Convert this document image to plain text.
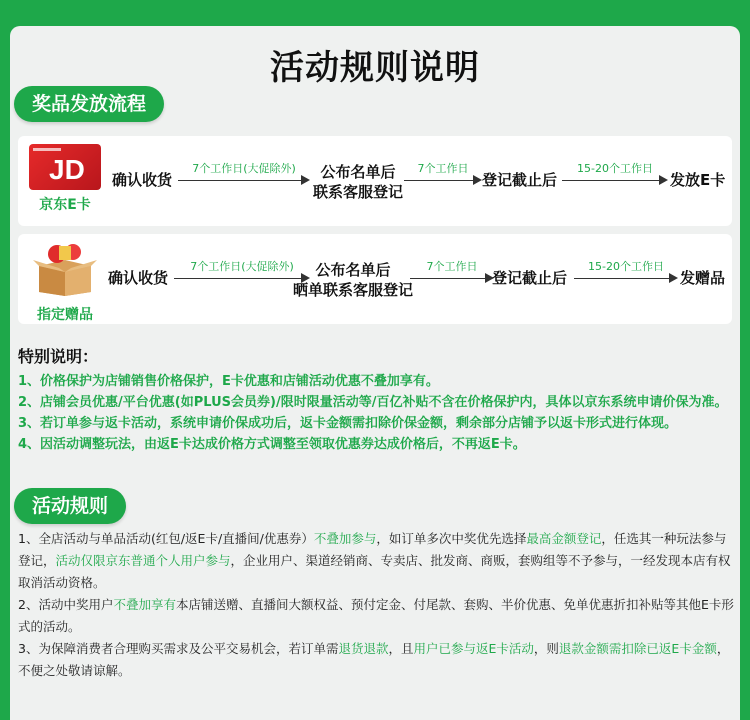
活动规则说明
奖品发放流程
JD
京东E卡
确认收货
7个工作日(大促除外)	公布名单后
联系客服登记
7个工作日
登记截止后
15-20个工作日
发放E卡
指定赠品
确认收货
7个工作日(大促除外)	公布名单后
晒单联系客服登记
7个工作日
登记截止后
15-20个工作日
发赠品
特别说明：

1、价格保护为店铺销售价格保护，E卡优惠和店铺活动优惠不叠加享有。

2、店铺会员优惠/平台优惠(如PLUS会员券)/限时限量活动等/百亿补贴不含在价格保护内，具体以京东系统申请价保为准。

3、若订单参与返卡活动，系统申请价保成功后，返卡金额需扣除价保金额，剩余部分店铺予以返卡形式进行体现。

4、因活动调整玩法，由返E卡达成价格方式调整至领取优惠券达成价格后，不再返E卡。

活动规则

1、全店活动与单品活动(红包/返E卡/直播间/优惠券）不叠加参与，如订单多次中奖优先选择最高金额登记，任选其一种玩法参与登记，活动仅限京东普通个人用户参与，企业用户、渠道经销商、专卖店、批发商、商贩，套购组等不予参与，一经发现本店有权取消活动资格。

2、活动中奖用户不叠加享有本店铺送赠、直播间大额权益、预付定金、付尾款、套购、半价优惠、免单优惠折扣补贴等其他E卡形式的活动。

3、为保障消费者合理购买需求及公平交易机会，若订单需退货退款，且用户已参与返E卡活动，则退款金额需扣除已返E卡金额，不便之处敬请谅解。
